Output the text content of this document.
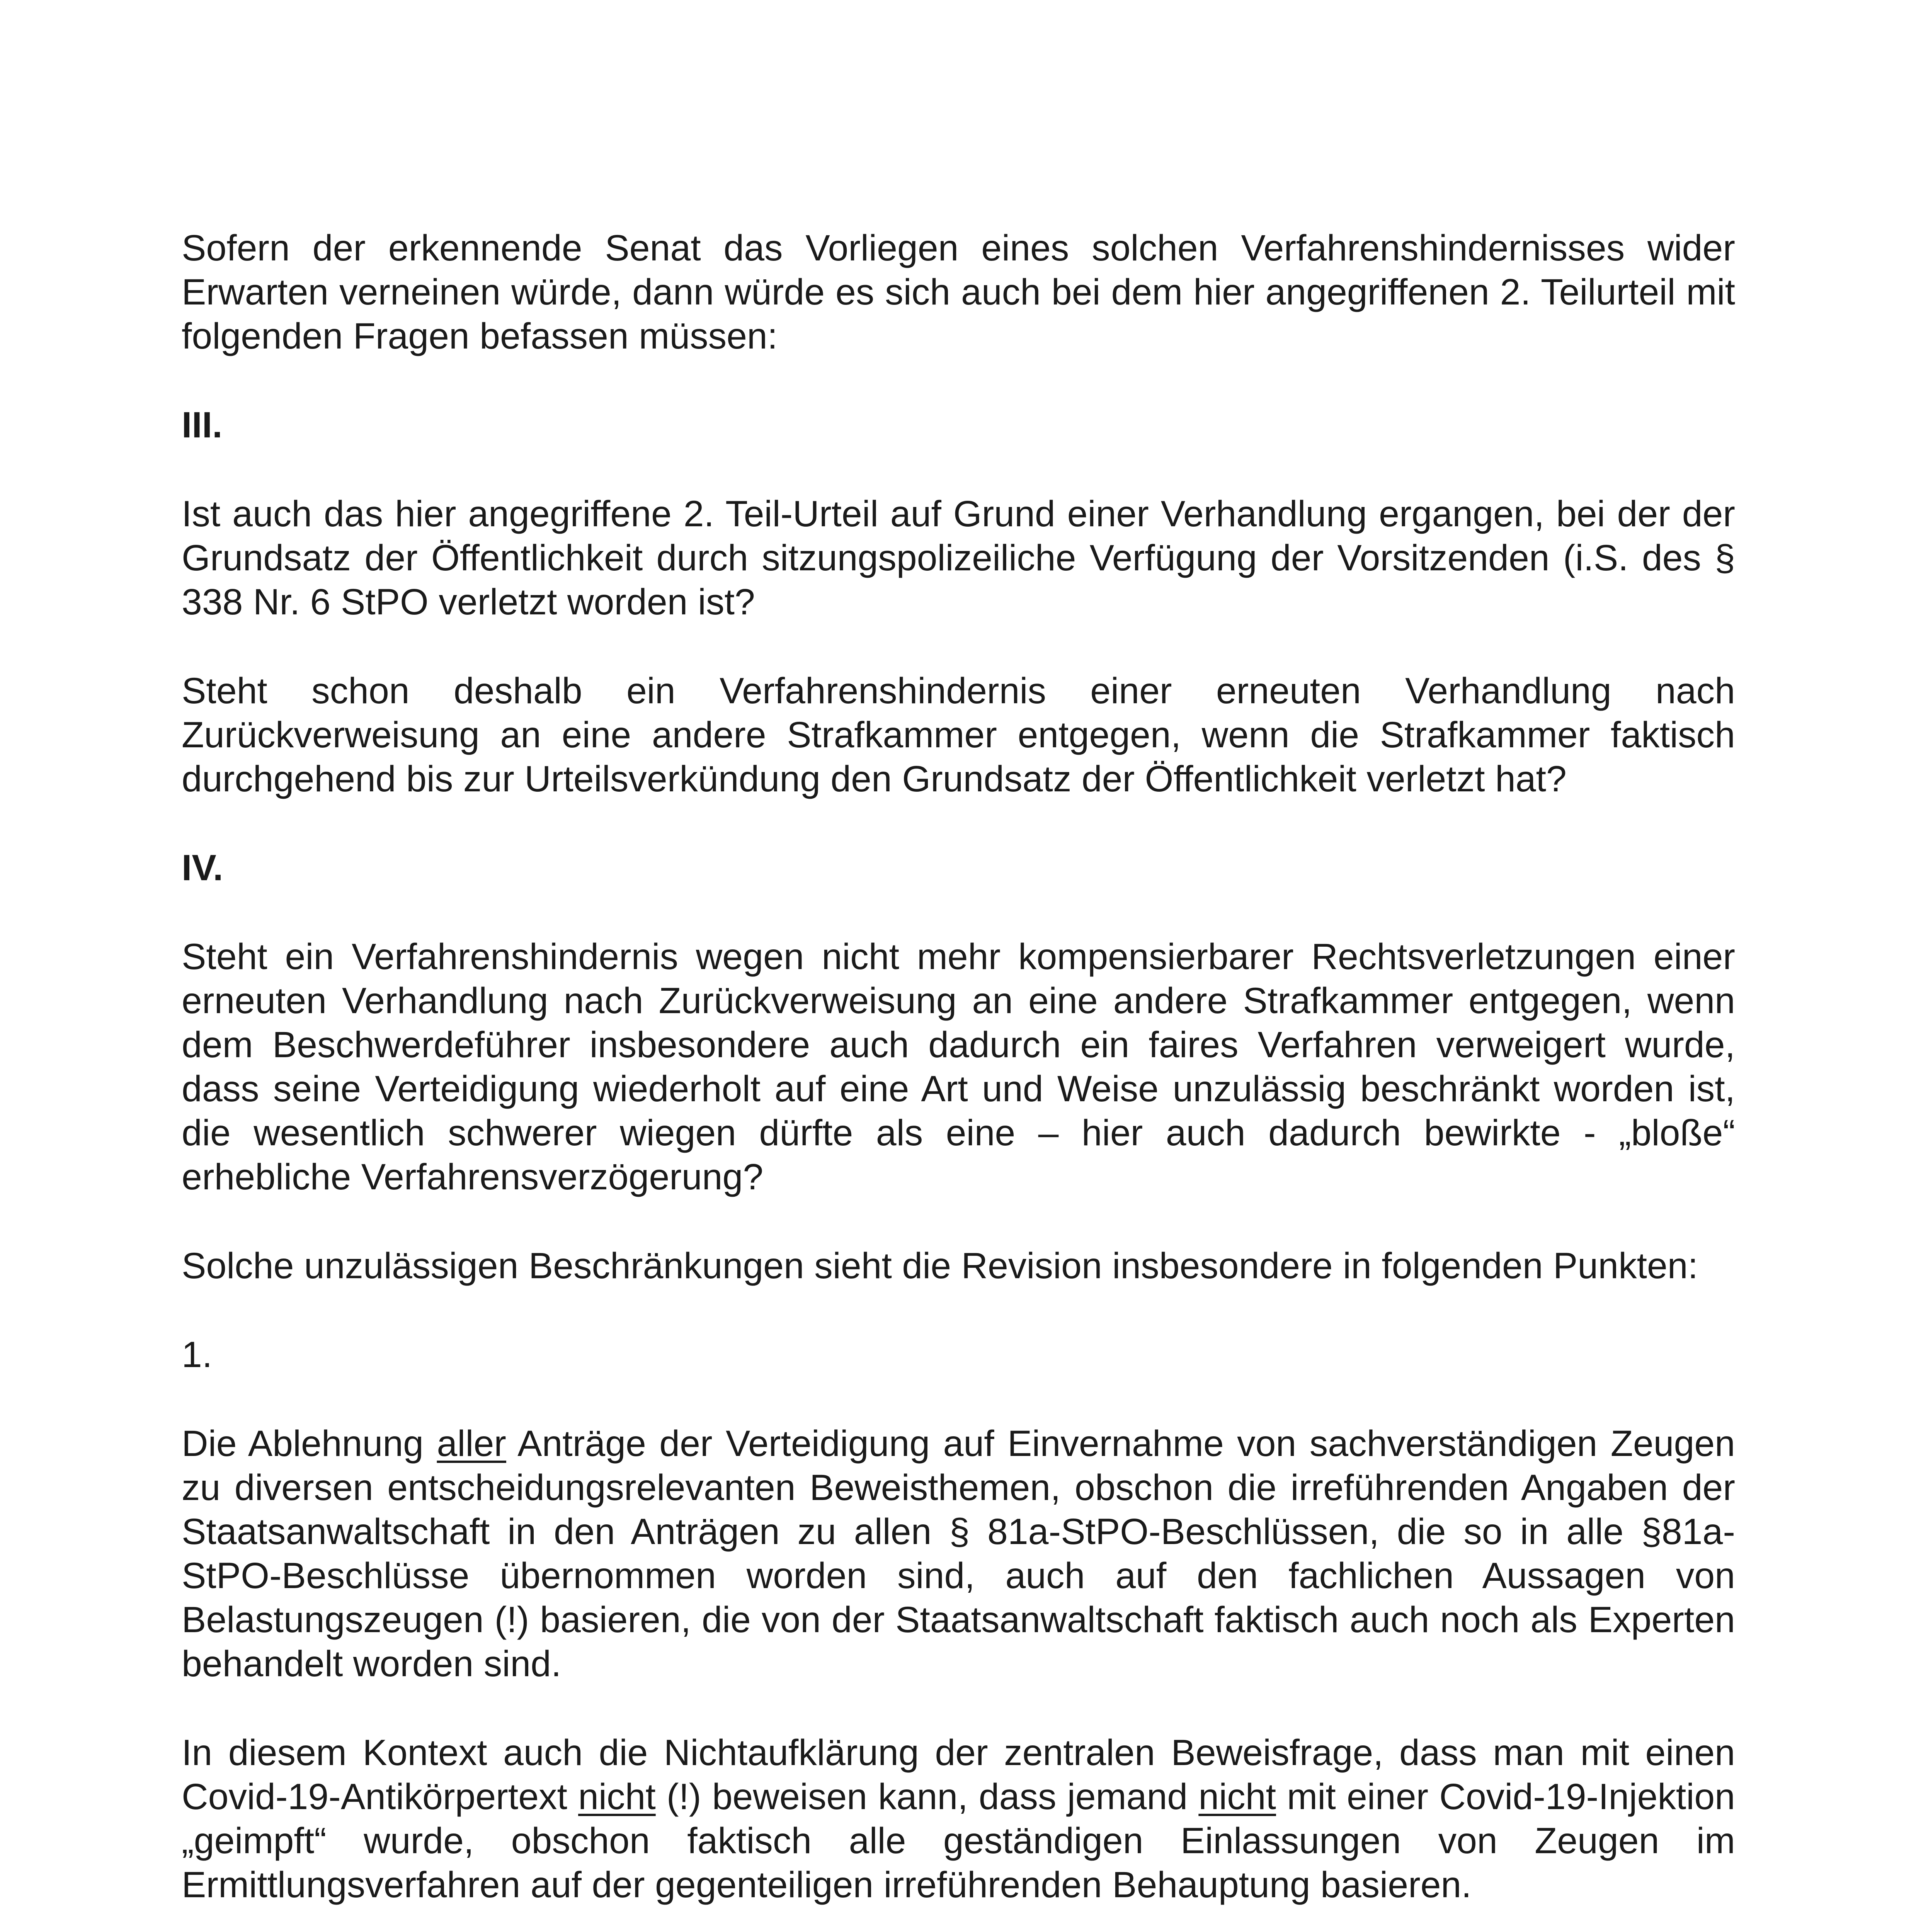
Sofern der erkennende Senat das Vorliegen eines solchen Verfahrenshindernisses wider Erwarten verneinen würde, dann würde es sich auch bei dem hier angegriffenen 2. Teilurteil mit folgenden Fragen befassen müssen:

III.

Ist auch das hier angegriffene 2. Teil-Urteil auf Grund einer Verhandlung ergangen, bei der der Grundsatz der Öffentlichkeit durch sitzungspolizeiliche Verfügung der Vorsitzenden (i.S. des § 338 Nr. 6 StPO verletzt worden ist?

Steht schon deshalb ein Verfahrenshindernis einer erneuten Verhandlung nach Zurückverweisung an eine andere Strafkammer entgegen, wenn die Strafkammer faktisch durchgehend bis zur Urteilsverkündung den Grundsatz der Öffentlichkeit verletzt hat?

IV.

Steht ein Verfahrenshindernis wegen nicht mehr kompensierbarer Rechtsverletzungen einer erneuten Verhandlung nach Zurückverweisung an eine andere Strafkammer entgegen, wenn dem Beschwerdeführer insbesondere auch dadurch ein faires Verfahren verweigert wurde, dass seine Verteidigung wiederholt auf eine Art und Weise unzulässig beschränkt worden ist, die wesentlich schwerer wiegen dürfte als eine – hier auch dadurch bewirkte - „bloße“ erhebliche Verfahrensverzögerung?

Solche unzulässigen Beschränkungen sieht die Revision insbesondere in folgenden Punkten:

1.

Die Ablehnung aller Anträge der Verteidigung auf Einvernahme von sachverständigen Zeugen zu diversen entscheidungsrelevanten Beweisthemen, obschon die irreführenden Angaben der Staatsanwaltschaft in den Anträgen zu allen § 81a-StPO-Beschlüssen, die so in alle §81a-StPO-Beschlüsse übernommen worden sind, auch auf den fachlichen Aussagen von Belastungszeugen (!) basieren, die von der Staatsanwaltschaft faktisch auch noch als Experten behandelt worden sind.

In diesem Kontext auch die Nichtaufklärung der zentralen Beweisfrage, dass man mit einen Covid-19-Antikörpertext nicht (!) beweisen kann, dass jemand nicht mit einer Covid-19-Injektion „geimpft“ wurde, obschon faktisch alle geständigen Einlassungen von Zeugen im Ermittlungsverfahren auf der gegenteiligen irreführenden Behauptung basieren.
